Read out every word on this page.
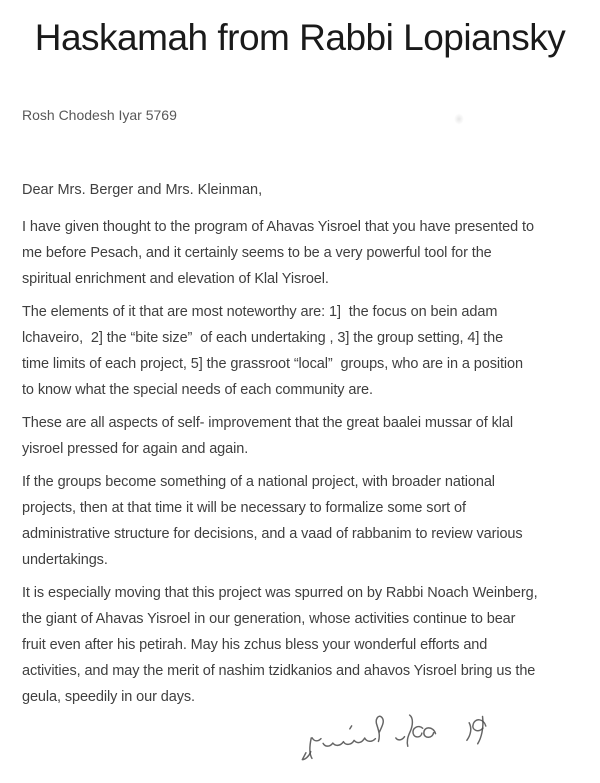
Haskamah from Rabbi Lopiansky
Rosh Chodesh Iyar 5769
Dear Mrs. Berger and Mrs. Kleinman,

I have given thought to the program of Ahavas Yisroel that you have presented to
me before Pesach, and it certainly seems to be a very powerful tool for the
spiritual enrichment and elevation of Klal Yisroel.

The elements of it that are most noteworthy are: 1]  the focus on bein adam
lchaveiro,  2] the “bite size”  of each undertaking , 3] the group setting, 4] the
time limits of each project, 5] the grassroot “local”  groups, who are in a position
to know what the special needs of each community are.

These are all aspects of self- improvement that the great baalei mussar of klal
yisroel pressed for again and again.

If the groups become something of a national project, with broader national
projects, then at that time it will be necessary to formalize some sort of
administrative structure for decisions, and a vaad of rabbanim to review various
undertakings.

It is especially moving that this project was spurred on by Rabbi Noach Weinberg,
the giant of Ahavas Yisroel in our generation, whose activities continue to bear
fruit even after his petirah. May his zchus bless your wonderful efforts and
activities, and may the merit of nashim tzidkanios and ahavos Yisroel bring us the
geula, speedily in our days.
